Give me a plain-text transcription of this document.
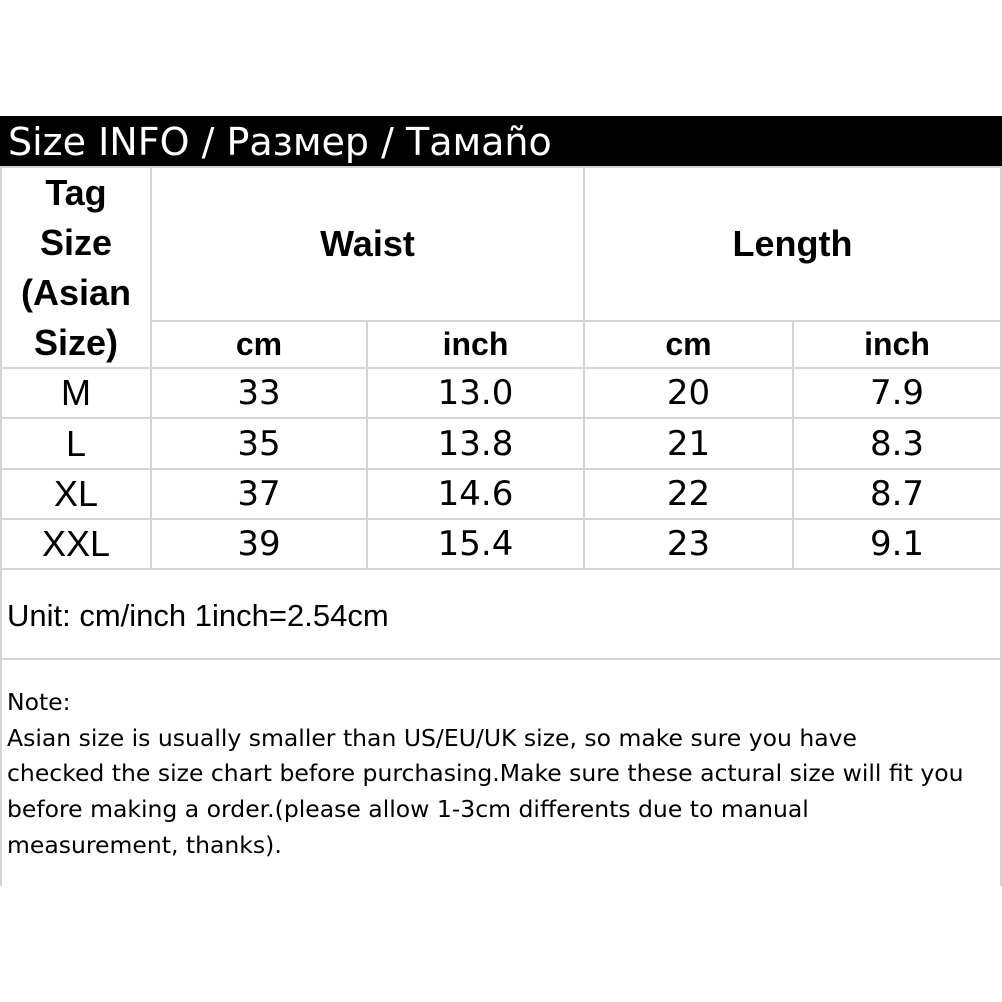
Size INFO / Размер / Тамаño
Tag
Size
(Asian
Size)
Waist	Length
cm	inch	cm	inch
M	33	13.0	20	7.9
L	35	13.8	21	8.3
XL	37	14.6	22	8.7
XXL	39	15.4	23	9.1
Unit: cm/inch 1inch=2.54cm
Note:
Asian size is usually smaller than US/EU/UK size, so make sure you have
checked the size chart before purchasing.Make sure these actural size will fit you
before making a order.(please allow 1-3cm differents due to manual
measurement, thanks).
